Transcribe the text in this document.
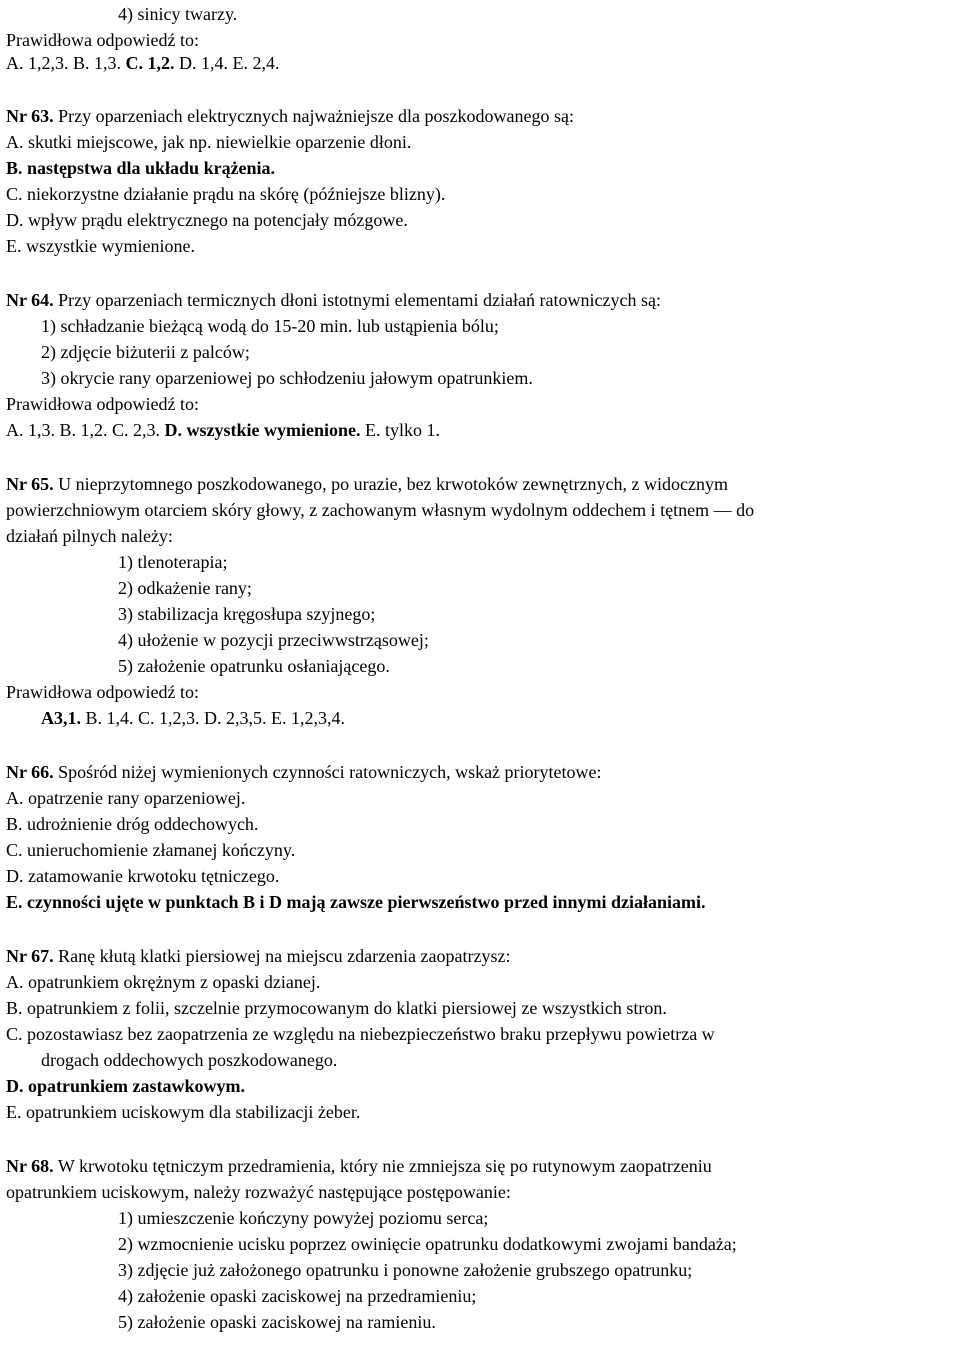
4) sinicy twarzy.
Prawidłowa odpowiedź to:
A. 1,2,3. B. 1,3. C. 1,2. D. 1,4. E. 2,4.
Nr 63. Przy oparzeniach elektrycznych najważniejsze dla poszkodowanego są:
A. skutki miejscowe, jak np. niewielkie oparzenie dłoni.
B. następstwa dla układu krążenia.
C. niekorzystne działanie prądu na skórę (późniejsze blizny).
D. wpływ prądu elektrycznego na potencjały mózgowe.
E. wszystkie wymienione.
Nr 64. Przy oparzeniach termicznych dłoni istotnymi elementami działań ratowniczych są:
1) schładzanie bieżącą wodą do 15-20 min. lub ustąpienia bólu;
2) zdjęcie biżuterii z palców;
3) okrycie rany oparzeniowej po schłodzeniu jałowym opatrunkiem.
Prawidłowa odpowiedź to:
A. 1,3. B. 1,2. C. 2,3. D. wszystkie wymienione. E. tylko 1.
Nr 65. U nieprzytomnego poszkodowanego, po urazie, bez krwotoków zewnętrznych, z widocznym
powierzchniowym otarciem skóry głowy, z zachowanym własnym wydolnym oddechem i tętnem — do
działań pilnych należy:
1) tlenoterapia;
2) odkażenie rany;
3) stabilizacja kręgosłupa szyjnego;
4) ułożenie w pozycji przeciwwstrząsowej;
5) założenie opatrunku osłaniającego.
Prawidłowa odpowiedź to:
A3,1. B. 1,4. C. 1,2,3. D. 2,3,5. E. 1,2,3,4.
Nr 66. Spośród niżej wymienionych czynności ratowniczych, wskaż priorytetowe:
A. opatrzenie rany oparzeniowej.
B. udrożnienie dróg oddechowych.
C. unieruchomienie złamanej kończyny.
D. zatamowanie krwotoku tętniczego.
E. czynności ujęte w punktach B i D mają zawsze pierwszeństwo przed innymi działaniami.
Nr 67. Ranę kłutą klatki piersiowej na miejscu zdarzenia zaopatrzysz:
A. opatrunkiem okrężnym z opaski dzianej.
B. opatrunkiem z folii, szczelnie przymocowanym do klatki piersiowej ze wszystkich stron.
C. pozostawiasz bez zaopatrzenia ze względu na niebezpieczeństwo braku przepływu powietrza w
drogach oddechowych poszkodowanego.
D. opatrunkiem zastawkowym.
E. opatrunkiem uciskowym dla stabilizacji żeber.
Nr 68. W krwotoku tętniczym przedramienia, który nie zmniejsza się po rutynowym zaopatrzeniu
opatrunkiem uciskowym, należy rozważyć następujące postępowanie:
1) umieszczenie kończyny powyżej poziomu serca;
2) wzmocnienie ucisku poprzez owinięcie opatrunku dodatkowymi zwojami bandaża;
3) zdjęcie już założonego opatrunku i ponowne założenie grubszego opatrunku;
4) założenie opaski zaciskowej na przedramieniu;
5) założenie opaski zaciskowej na ramieniu.
